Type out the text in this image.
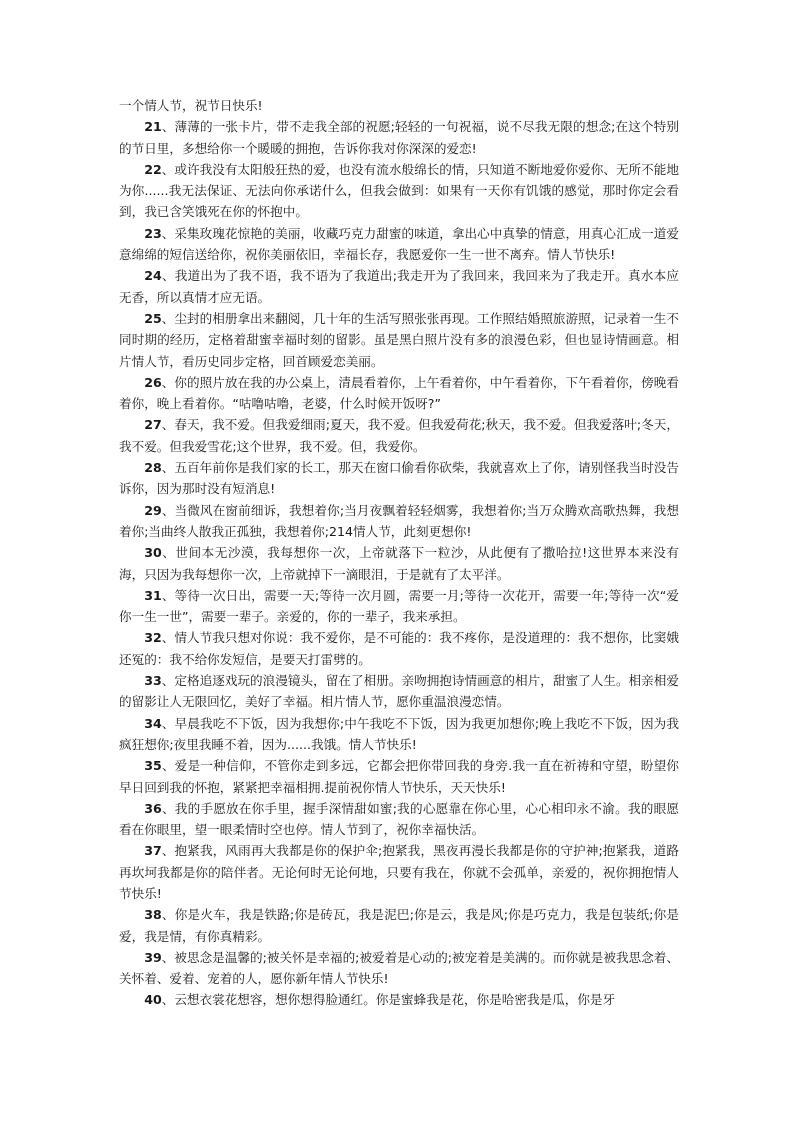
一个情人节，祝节日快乐!

21、薄薄的一张卡片，带不走我全部的祝愿;轻轻的一句祝福，说不尽我无限的想念;在这个特别的节日里，多想给你一个暖暖的拥抱，告诉你我对你深深的爱恋!

22、或许我没有太阳般狂热的爱，也没有流水般绵长的情，只知道不断地爱你爱你、无所不能地为你......我无法保证、无法向你承诺什么，但我会做到：如果有一天你有饥饿的感觉，那时你定会看到，我已含笑饿死在你的怀抱中。

23、采集玫瑰花惊艳的美丽，收藏巧克力甜蜜的味道，拿出心中真挚的情意，用真心汇成一道爱意绵绵的短信送给你，祝你美丽依旧，幸福长存，我愿爱你一生一世不离弃。情人节快乐!

24、我道出为了我不语，我不语为了我道出;我走开为了我回来，我回来为了我走开。真水本应无香，所以真情才应无语。

25、尘封的相册拿出来翻阅，几十年的生活写照张张再现。工作照结婚照旅游照，记录着一生不同时期的经历，定格着甜蜜幸福时刻的留影。虽是黑白照片没有多的浪漫色彩，但也显诗情画意。相片情人节，看历史同步定格，回首顾爱恋美丽。

26、你的照片放在我的办公桌上，清晨看着你，上午看着你，中午看着你，下午看着你，傍晚看着你，晚上看着你。“咕噜咕噜，老婆，什么时候开饭呀?”

27、春天，我不爱。但我爱细雨;夏天，我不爱。但我爱荷花;秋天，我不爱。但我爱落叶;冬天，我不爱。但我爱雪花;这个世界，我不爱。但，我爱你。

28、五百年前你是我们家的长工，那天在窗口偷看你砍柴，我就喜欢上了你，请别怪我当时没告诉你，因为那时没有短消息!

29、当微风在窗前细诉，我想着你;当月夜飘着轻轻烟雾，我想着你;当万众腾欢高歌热舞，我想着你;当曲终人散我正孤独，我想着你;214情人节，此刻更想你!

30、世间本无沙漠，我每想你一次，上帝就落下一粒沙，从此便有了撒哈拉!这世界本来没有海，只因为我每想你一次，上帝就掉下一滴眼泪，于是就有了太平洋。

31、等待一次日出，需要一天;等待一次月圆，需要一月;等待一次花开，需要一年;等待一次“爱你一生一世”，需要一辈子。亲爱的，你的一辈子，我来承担。

32、情人节我只想对你说：我不爱你，是不可能的：我不疼你，是没道理的：我不想你，比窦娥还冤的：我不给你发短信，是要天打雷劈的。

33、定格追逐戏玩的浪漫镜头，留在了相册。亲吻拥抱诗情画意的相片，甜蜜了人生。相亲相爱的留影让人无限回忆，美好了幸福。相片情人节，愿你重温浪漫恋情。

34、早晨我吃不下饭，因为我想你;中午我吃不下饭，因为我更加想你;晚上我吃不下饭，因为我疯狂想你;夜里我睡不着，因为......我饿。情人节快乐!

35、爱是一种信仰，不管你走到多远，它都会把你带回我的身旁.我一直在祈祷和守望，盼望你早日回到我的怀抱，紧紧把幸福相拥.提前祝你情人节快乐，天天快乐!

36、我的手愿放在你手里，握手深情甜如蜜;我的心愿靠在你心里，心心相印永不渝。我的眼愿看在你眼里，望一眼柔情时空也停。情人节到了，祝你幸福快活。

37、抱紧我，风雨再大我都是你的保护伞;抱紧我，黑夜再漫长我都是你的守护神;抱紧我，道路再坎坷我都是你的陪伴者。无论何时无论何地，只要有我在，你就不会孤单，亲爱的，祝你拥抱情人节快乐!

38、你是火车，我是铁路;你是砖瓦，我是泥巴;你是云，我是风;你是巧克力，我是包装纸;你是爱，我是情，有你真精彩。

39、被思念是温馨的;被关怀是幸福的;被爱着是心动的;被宠着是美满的。而你就是被我思念着、关怀着、爱着、宠着的人，愿你新年情人节快乐!

40、云想衣裳花想容，想你想得脸通红。你是蜜蜂我是花，你是哈密我是瓜，你是牙
